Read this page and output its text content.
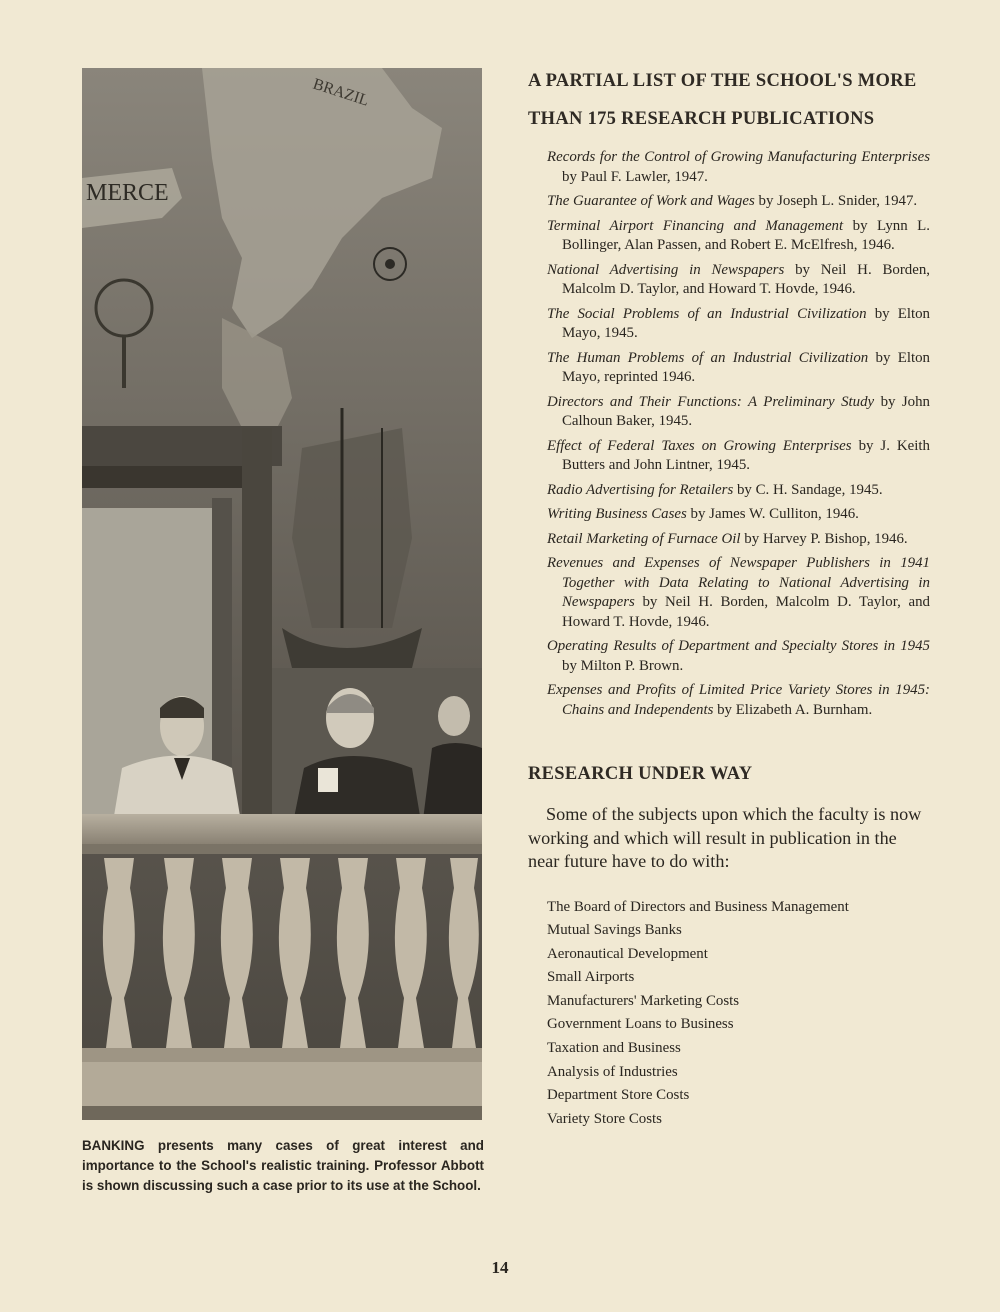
BRAZIL
MERCE
BANKING presents many cases of great interest and importance to the School's realistic training. Professor Abbott is shown discussing such a case prior to its use at the School.
A PARTIAL LIST OF THE SCHOOL'S MORE
THAN 175 RESEARCH PUBLICATIONS
Records for the Control of Growing Manufacturing Enterprises by Paul F. Lawler, 1947.
The Guarantee of Work and Wages by Joseph L. Snider, 1947.
Terminal Airport Financing and Management by Lynn L. Bollinger, Alan Passen, and Robert E. McElfresh, 1946.
National Advertising in Newspapers by Neil H. Borden, Malcolm D. Taylor, and Howard T. Hovde, 1946.
The Social Problems of an Industrial Civilization by Elton Mayo, 1945.
The Human Problems of an Industrial Civilization by Elton Mayo, reprinted 1946.
Directors and Their Functions: A Preliminary Study by John Calhoun Baker, 1945.
Effect of Federal Taxes on Growing Enterprises by J. Keith Butters and John Lintner, 1945.
Radio Advertising for Retailers by C. H. Sandage, 1945.
Writing Business Cases by James W. Culliton, 1946.
Retail Marketing of Furnace Oil by Harvey P. Bishop, 1946.
Revenues and Expenses of Newspaper Publishers in 1941 Together with Data Relating to National Advertising in Newspapers by Neil H. Borden, Malcolm D. Taylor, and Howard T. Hovde, 1946.
Operating Results of Department and Specialty Stores in 1945 by Milton P. Brown.
Expenses and Profits of Limited Price Variety Stores in 1945: Chains and Independents by Elizabeth A. Burnham.
RESEARCH UNDER WAY

Some of the subjects upon which the faculty is now working and which will result in publication in the near future have to do with:

The Board of Directors and Business Management
Mutual Savings Banks
Aeronautical Development
Small Airports
Manufacturers' Marketing Costs
Government Loans to Business
Taxation and Business
Analysis of Industries
Department Store Costs
Variety Store Costs
14
